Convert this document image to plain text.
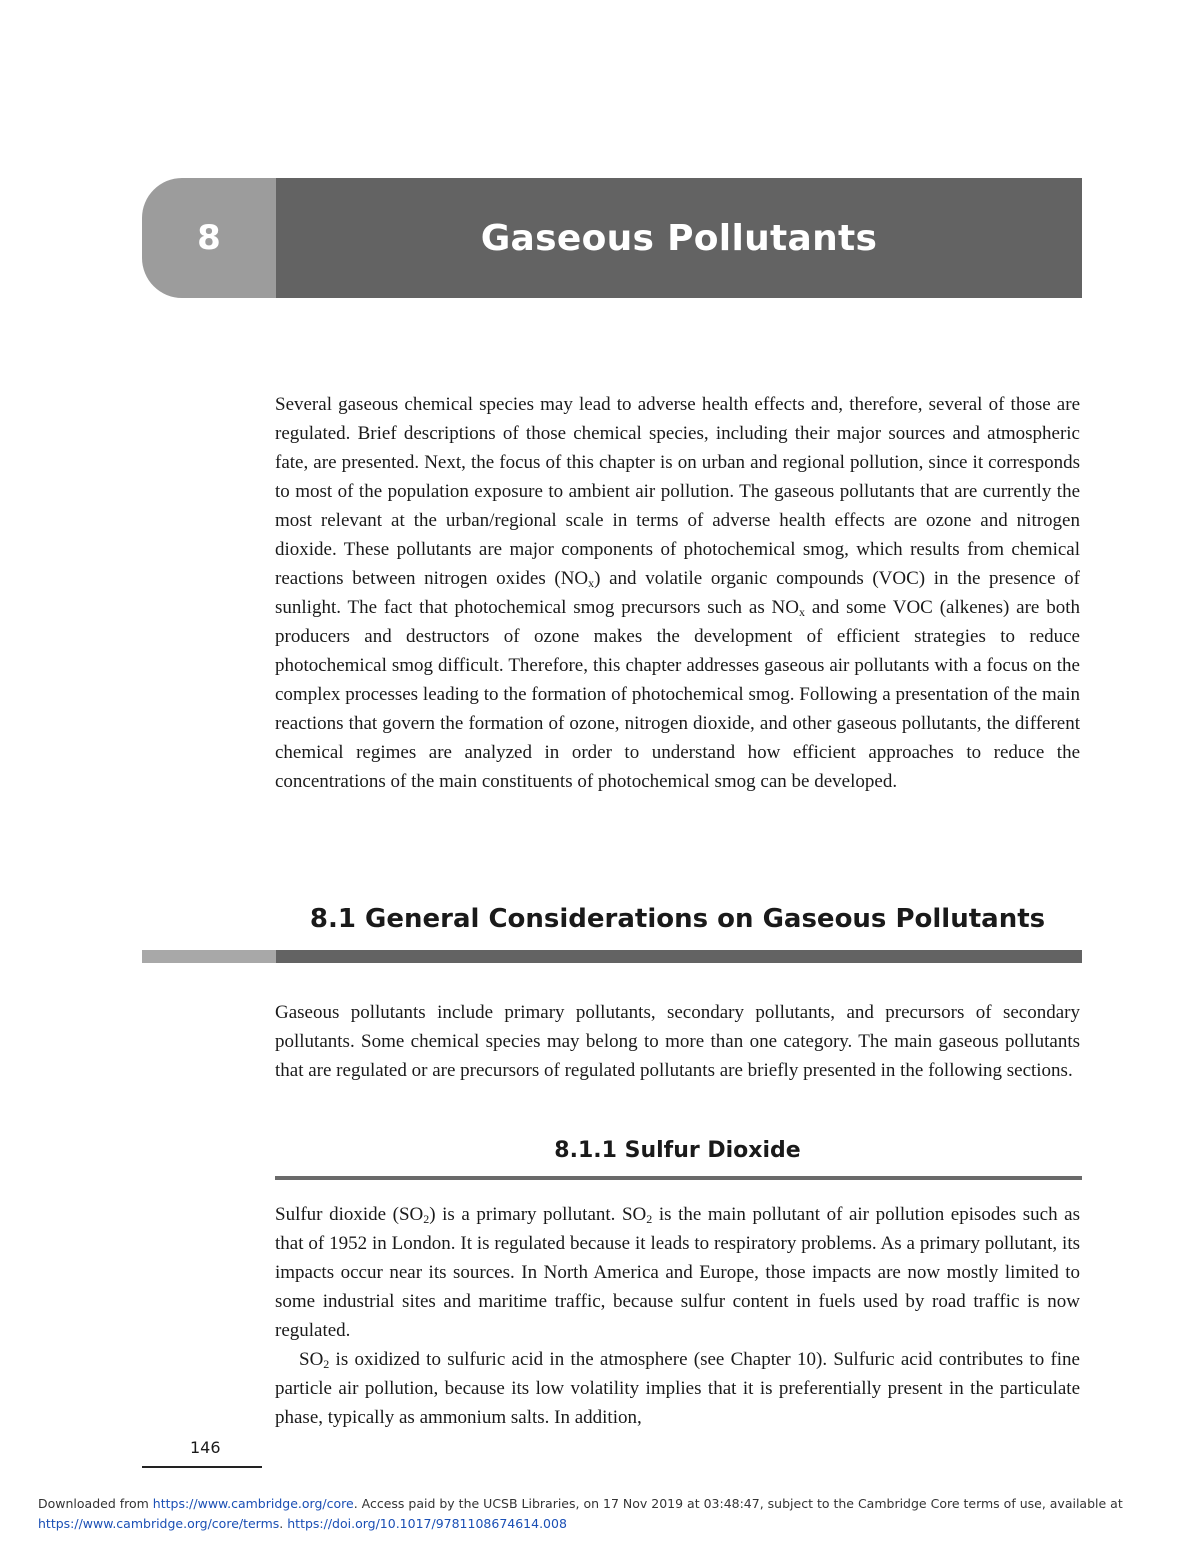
8	Gaseous Pollutants

Several gaseous chemical species may lead to adverse health effects and, therefore, several of those are regulated. Brief descriptions of those chemical species, including their major sources and atmospheric fate, are presented. Next, the focus of this chapter is on urban and regional pollution, since it corresponds to most of the population exposure to ambient air pollution. The gaseous pollutants that are currently the most relevant at the urban/regional scale in terms of adverse health effects are ozone and nitrogen dioxide. These pollutants are major components of photochemical smog, which results from chemical reactions between nitrogen oxides $(NO_x)$ and volatile organic compounds (VOC) in the presence of sunlight. The fact that photochemical smog precursors such as $NO_x$ and some VOC (alkenes) are both producers and destructors of ozone makes the development of efficient strategies to reduce photochemical smog difficult. Therefore, this chapter addresses gaseous air pollutants with a focus on the complex processes leading to the formation of photochemical smog. Following a presentation of the main reactions that govern the formation of ozone, nitrogen dioxide, and other gaseous pollutants, the different chemical regimes are analyzed in order to understand how efficient approaches to reduce the concentrations of the main constituents of photochemical smog can be developed.

8.1 General Considerations on Gaseous Pollutants

Gaseous pollutants include primary pollutants, secondary pollutants, and precursors of secondary pollutants. Some chemical species may belong to more than one category. The main gaseous pollutants that are regulated or are precursors of regulated pollutants are briefly presented in the following sections.

8.1.1 Sulfur Dioxide

Sulfur dioxide $(SO_2)$ is a primary pollutant. $SO_2$ is the main pollutant of air pollution episodes such as that of 1952 in London. It is regulated because it leads to respiratory problems. As a primary pollutant, its impacts occur near its sources. In North America and Europe, those impacts are now mostly limited to some industrial sites and maritime traffic, because sulfur content in fuels used by road traffic is now regulated.

$SO_2$ is oxidized to sulfuric acid in the atmosphere (see Chapter 10). Sulfuric acid contributes to fine particle air pollution, because its low volatility implies that it is preferentially present in the particulate phase, typically as ammonium salts. In addition,

146
Downloaded from https://www.cambridge.org/core. Access paid by the UCSB Libraries, on 17 Nov 2019 at 03:48:47, subject to the Cambridge Core terms of use, available at
https://www.cambridge.org/core/terms. https://doi.org/10.1017/9781108674614.008
